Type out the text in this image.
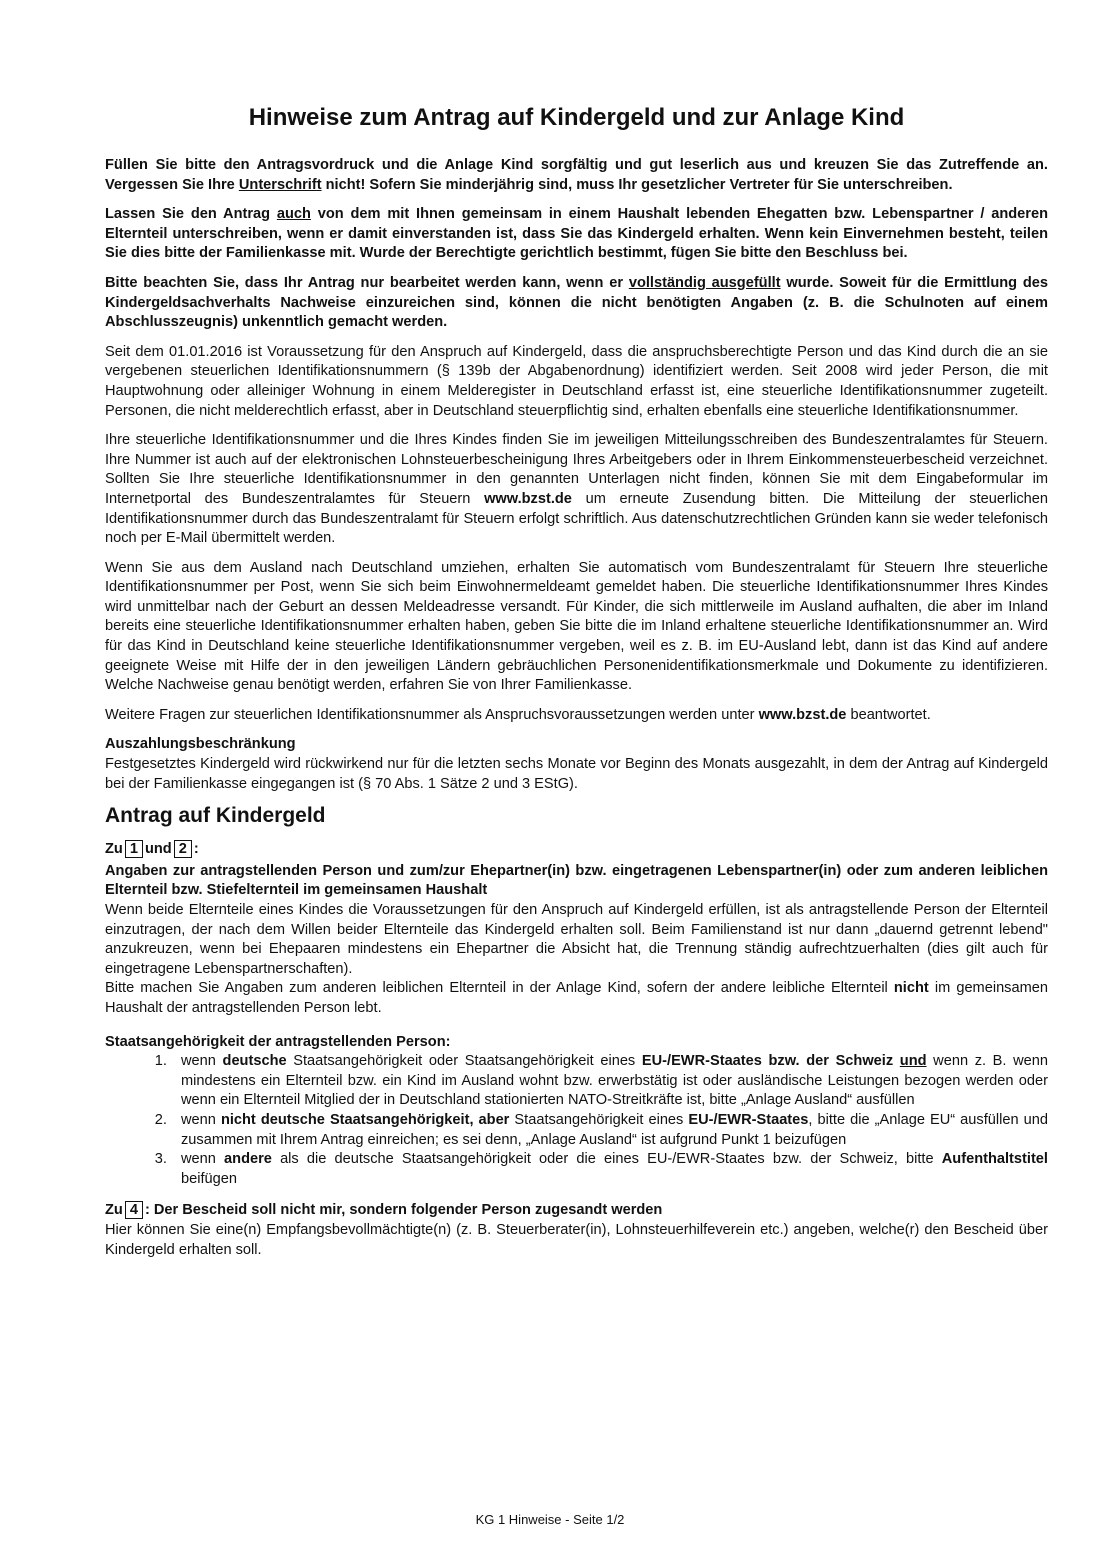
Hinweise zum Antrag auf Kindergeld und zur Anlage Kind

Füllen Sie bitte den Antragsvordruck und die Anlage Kind sorgfältig und gut leserlich aus und kreuzen Sie das Zutreffende an. Vergessen Sie Ihre Unterschrift nicht! Sofern Sie minderjährig sind, muss Ihr gesetzlicher Vertreter für Sie unterschreiben.

Lassen Sie den Antrag auch von dem mit Ihnen gemeinsam in einem Haushalt lebenden Ehegatten bzw. Lebenspartner / anderen Elternteil unterschreiben, wenn er damit einverstanden ist, dass Sie das Kindergeld erhalten. Wenn kein Einvernehmen besteht, teilen Sie dies bitte der Familienkasse mit. Wurde der Berechtigte gerichtlich bestimmt, fügen Sie bitte den Beschluss bei.

Bitte beachten Sie, dass Ihr Antrag nur bearbeitet werden kann, wenn er vollständig ausgefüllt wurde. Soweit für die Ermittlung des Kindergeldsachverhalts Nachweise einzureichen sind, können die nicht benötigten Angaben (z. B. die Schulnoten auf einem Abschlusszeugnis) unkenntlich gemacht werden.

Seit dem 01.01.2016 ist Voraussetzung für den Anspruch auf Kindergeld, dass die anspruchsberechtigte Person und das Kind durch die an sie vergebenen steuerlichen Identifikationsnummern (§ 139b der Abgabenordnung) identifiziert werden. Seit 2008 wird jeder Person, die mit Hauptwohnung oder alleiniger Wohnung in einem Melderegister in Deutschland erfasst ist, eine steuerliche Identifikationsnummer zugeteilt. Personen, die nicht melderechtlich erfasst, aber in Deutschland steuerpflichtig sind, erhalten ebenfalls eine steuerliche Identifikationsnummer.

Ihre steuerliche Identifikationsnummer und die Ihres Kindes finden Sie im jeweiligen Mitteilungsschreiben des Bundeszentralamtes für Steuern. Ihre Nummer ist auch auf der elektronischen Lohnsteuerbescheinigung Ihres Arbeitgebers oder in Ihrem Einkommensteuerbescheid verzeichnet. Sollten Sie Ihre steuerliche Identifikationsnummer in den genannten Unterlagen nicht finden, können Sie mit dem Eingabeformular im Internetportal des Bundeszentralamtes für Steuern www.bzst.de um erneute Zusendung bitten. Die Mitteilung der steuerlichen Identifikationsnummer durch das Bundeszentralamt für Steuern erfolgt schriftlich. Aus datenschutzrechtlichen Gründen kann sie weder telefonisch noch per E-Mail übermittelt werden.

Wenn Sie aus dem Ausland nach Deutschland umziehen, erhalten Sie automatisch vom Bundeszentralamt für Steuern Ihre steuerliche Identifikationsnummer per Post, wenn Sie sich beim Einwohnermeldeamt gemeldet haben. Die steuerliche Identifikationsnummer Ihres Kindes wird unmittelbar nach der Geburt an dessen Meldeadresse versandt. Für Kinder, die sich mittlerweile im Ausland aufhalten, die aber im Inland bereits eine steuerliche Identifikationsnummer erhalten haben, geben Sie bitte die im Inland erhaltene steuerliche Identifikationsnummer an. Wird für das Kind in Deutschland keine steuerliche Identifikationsnummer vergeben, weil es z. B. im EU-Ausland lebt, dann ist das Kind auf andere geeignete Weise mit Hilfe der in den jeweiligen Ländern gebräuchlichen Personenidentifikationsmerkmale und Dokumente zu identifizieren. Welche Nachweise genau benötigt werden, erfahren Sie von Ihrer Familienkasse.

Weitere Fragen zur steuerlichen Identifikationsnummer als Anspruchsvoraussetzungen werden unter www.bzst.de beantwortet.

Auszahlungsbeschränkung

Festgesetztes Kindergeld wird rückwirkend nur für die letzten sechs Monate vor Beginn des Monats ausgezahlt, in dem der Antrag auf Kindergeld bei der Familienkasse eingegangen ist (§ 70 Abs. 1 Sätze 2 und 3 EStG).

Antrag auf Kindergeld
Zu 1 und 2 :
Angaben zur antragstellenden Person und zum/zur Ehepartner(in) bzw. eingetragenen Lebenspartner(in) oder zum anderen leiblichen Elternteil bzw. Stiefelternteil im gemeinsamen Haushalt

Wenn beide Elternteile eines Kindes die Voraussetzungen für den Anspruch auf Kindergeld erfüllen, ist als antragstellende Person der Elternteil einzutragen, der nach dem Willen beider Elternteile das Kindergeld erhalten soll. Beim Familienstand ist nur dann „dauernd getrennt lebend" anzukreuzen, wenn bei Ehepaaren mindestens ein Ehepartner die Absicht hat, die Trennung ständig aufrechtzuerhalten (dies gilt auch für eingetragene Lebenspartnerschaften).

Bitte machen Sie Angaben zum anderen leiblichen Elternteil in der Anlage Kind, sofern der andere leibliche Elternteil nicht im gemeinsamen Haushalt der antragstellenden Person lebt.

Staatsangehörigkeit der antragstellenden Person:
1. wenn deutsche Staatsangehörigkeit oder Staatsangehörigkeit eines EU-/EWR-Staates bzw. der Schweiz und wenn z. B. wenn mindestens ein Elternteil bzw. ein Kind im Ausland wohnt bzw. erwerbstätig ist oder ausländische Leistungen bezogen werden oder wenn ein Elternteil Mitglied der in Deutschland stationierten NATO-Streitkräfte ist, bitte „Anlage Ausland“ ausfüllen
2. wenn nicht deutsche Staatsangehörigkeit, aber Staatsangehörigkeit eines EU-/EWR-Staates, bitte die „Anlage EU“ ausfüllen und zusammen mit Ihrem Antrag einreichen; es sei denn, „Anlage Ausland“ ist aufgrund Punkt 1 beizufügen
3. wenn andere als die deutsche Staatsangehörigkeit oder die eines EU-/EWR-Staates bzw. der Schweiz, bitte Aufenthaltstitel beifügen
Zu 4 : Der Bescheid soll nicht mir, sondern folgender Person zugesandt werden

Hier können Sie eine(n) Empfangsbevollmächtigte(n) (z. B. Steuerberater(in), Lohnsteuerhilfeverein etc.) angeben, welche(r) den Bescheid über Kindergeld erhalten soll.

KG 1 Hinweise - Seite 1/2
